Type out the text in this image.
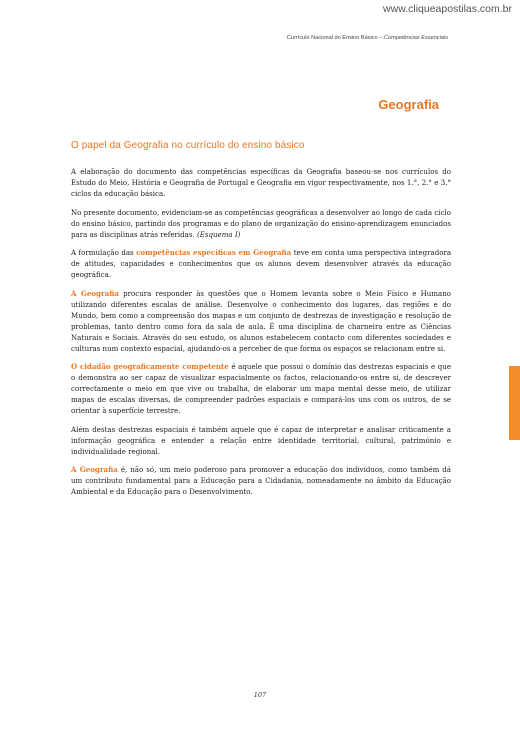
www.cliqueapostilas.com.br
Currículo Nacional do Ensino Básico – Competências Essenciais
Geografia
O papel da Geografia no currículo do ensino básico

A elaboração do documento das competências específicas da Geografia baseou-se nos currículos do Estudo do Meio, História e Geografia de Portugal e Geografia em vigor respectivamente, nos 1.°, 2.° e 3.° ciclos da educação básica.

No presente documento, evidenciam-se as competências geográficas a desenvolver ao longo de cada ciclo do ensino básico, partindo dos programas e do plano de organização do ensino-aprendizagem enunciados para as disciplinas atrás referidas. (Esquema I)

A formulação das competências específicas em Geografia teve em conta uma perspectiva integradora de atitudes, capacidades e conhecimentos que os alunos devem desenvolver através da educação geográfica.

A Geografia procura responder às questões que o Homem levanta sobre o Meio Físico e Humano utilizando diferentes escalas de análise. Desenvolve o conhecimento dos lugares, das regiões e do Mundo, bem como a compreensão dos mapas e um conjunto de destrezas de investigação e resolução de problemas, tanto dentro como fora da sala de aula. É uma disciplina de charneira entre as Ciências Naturais e Sociais. Através do seu estudo, os alunos estabelecem contacto com diferentes sociedades e culturas num contexto espacial, ajudando-os a perceber de que forma os espaços se relacionam entre si.

O cidadão geograficamente competente é aquele que possui o domínio das destrezas espaciais e que o demonstra ao ser capaz de visualizar espacialmente os factos, relacionando-os entre si, de descrever correctamente o meio em que vive ou trabalha, de elaborar um mapa mental desse meio, de utilizar mapas de escalas diversas, de compreender padrões espaciais e compará-los uns com os outros, de se orientar à superfície terrestre.

Além destas destrezas espaciais é também aquele que é capaz de interpretar e analisar criticamente a informação geográfica e entender a relação entre identidade territorial, cultural, património e individualidade regional.

A Geografia é, não só, um meio poderoso para promover a educação dos indivíduos, como também dá um contributo fundamental para a Educação para a Cidadania, nomeadamente no âmbito da Educação Ambiental e da Educação para o Desenvolvimento.

107
